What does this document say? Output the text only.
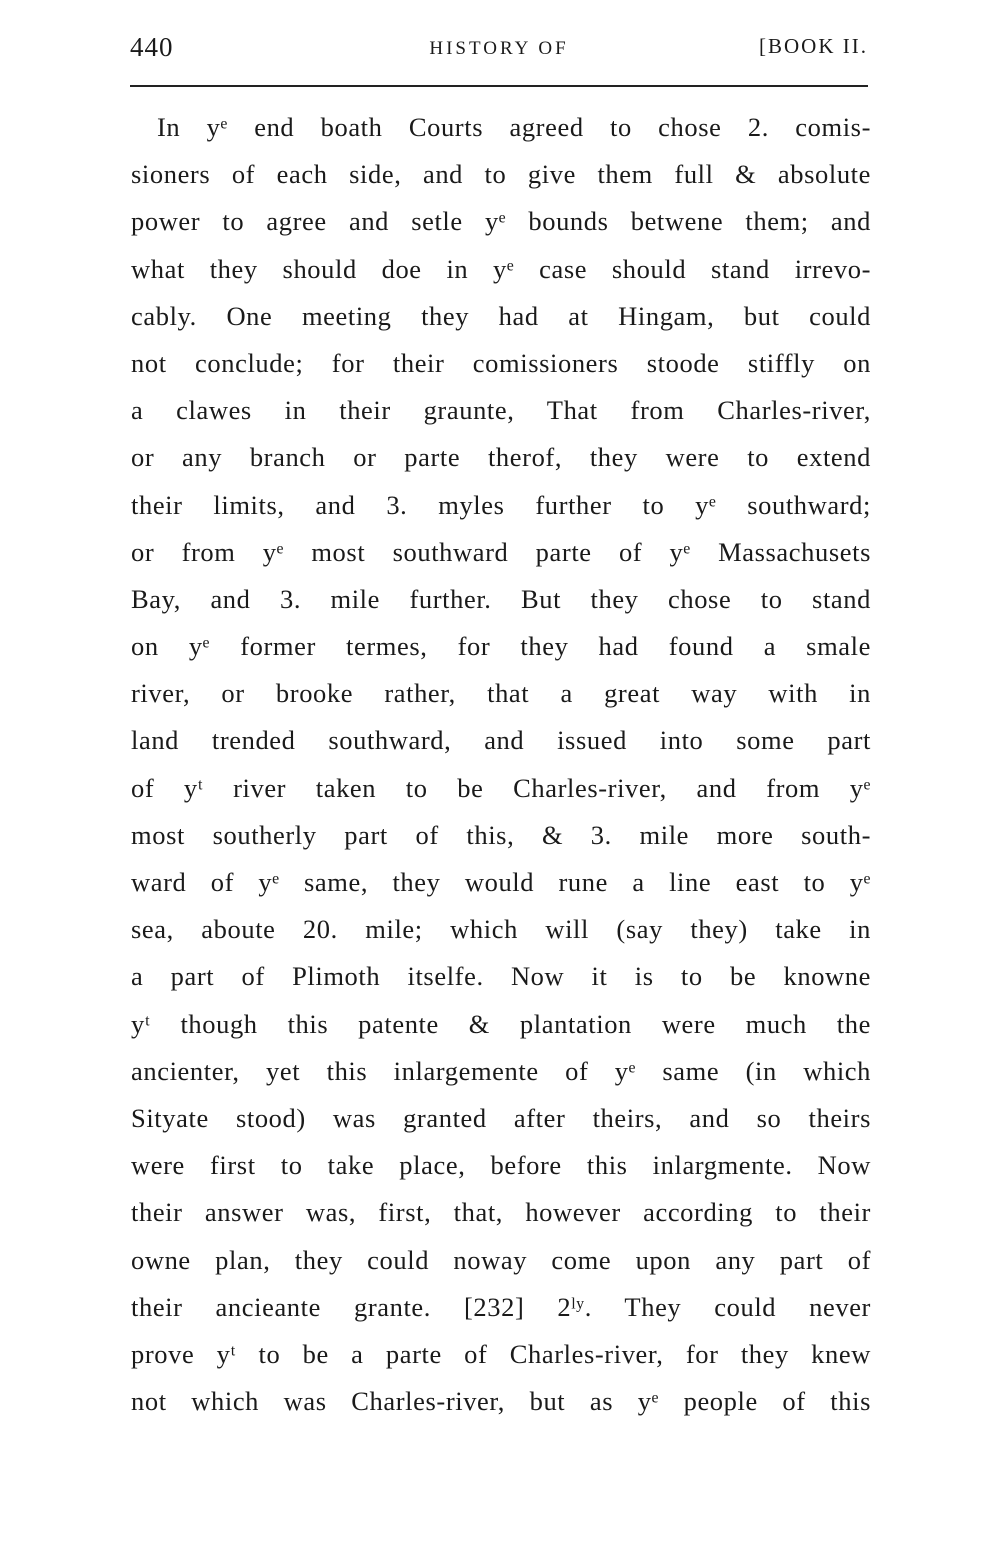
440	HISTORY OF	[BOOK II.
In yᵉ end boath Courts agreed to chose 2. comis-
sioners of each side, and to give them full & absolute
power to agree and setle yᵉ bounds betwene them; and
what they should doe in yᵉ case should stand irrevo-
cably. One meeting they had at Hingam, but could
not conclude; for their comissioners stoode stiffly on
a clawes in their graunte, That from Charles-river,
or any branch or parte therof, they were to extend
their limits, and 3. myles further to yᵉ southward;
or from yᵉ most southward parte of yᵉ Massachusets
Bay, and 3. mile further. But they chose to stand
on yᵉ former termes, for they had found a smale
river, or brooke rather, that a great way with in
land trended southward, and issued into some part
of yᵗ river taken to be Charles-river, and from yᵉ
most southerly part of this, & 3. mile more south-
ward of yᵉ same, they would rune a line east to yᵉ
sea, aboute 20. mile; which will (say they) take in
a part of Plimoth itselfe. Now it is to be knowne
yᵗ though this patente & plantation were much the
ancienter, yet this inlargemente of yᵉ same (in which
Sityate stood) was granted after theirs, and so theirs
were first to take place, before this inlargmente. Now
their answer was, first, that, however according to their
owne plan, they could noway come upon any part of
their ancieante grante. [232] 2ˡʸ. They could never
prove yᵗ to be a parte of Charles-river, for they knew
not which was Charles-river, but as yᵉ people of this
